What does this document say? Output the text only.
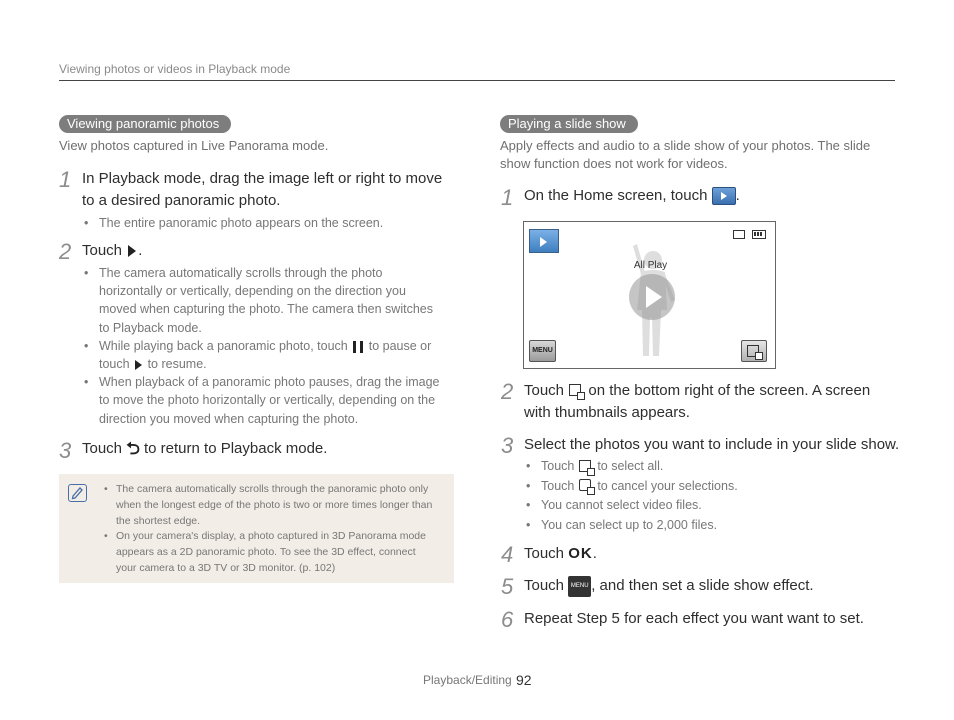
Viewing photos or videos in Playback mode
Viewing panoramic photos
View photos captured in Live Panorama mode.
1 In Playback mode, drag the image left or right to move
to a desired panoramic photo.
• The entire panoramic photo appears on the screen.
2 Touch .
• The camera automatically scrolls through the photo
horizontally or vertically, depending on the direction you
moved when capturing the photo. The camera then switches
to Playback mode.
• While playing back a panoramic photo, touch to pause or
touch to resume.
• When playback of a panoramic photo pauses, drag the image
to move the photo horizontally or vertically, depending on the
direction you moved when capturing the photo.
3 Touch ⮌ to return to Playback mode.
• The camera automatically scrolls through the panoramic photo only
when the longest edge of the photo is two or more times longer than
the shortest edge.
• On your camera's display, a photo captured in 3D Panorama mode
appears as a 2D panoramic photo. To see the 3D effect, connect
your camera to a 3D TV or 3D monitor. (p. 102)
Playing a slide show
Apply effects and audio to a slide show of your photos. The slide
show function does not work for videos.
1 On the Home screen, touch .
All Play
MENU
2 Touch on the bottom right of the screen. A screen
with thumbnails appears.
3 Select the photos you want to include in your slide show.
• Touch to select all.
• Touch to cancel your selections.
• You cannot select video files.
• You can select up to 2,000 files.
4 Touch OK.
5 Touch MENU , and then set a slide show effect.
6 Repeat Step 5 for each effect you want want to set.
Playback/Editing 92
